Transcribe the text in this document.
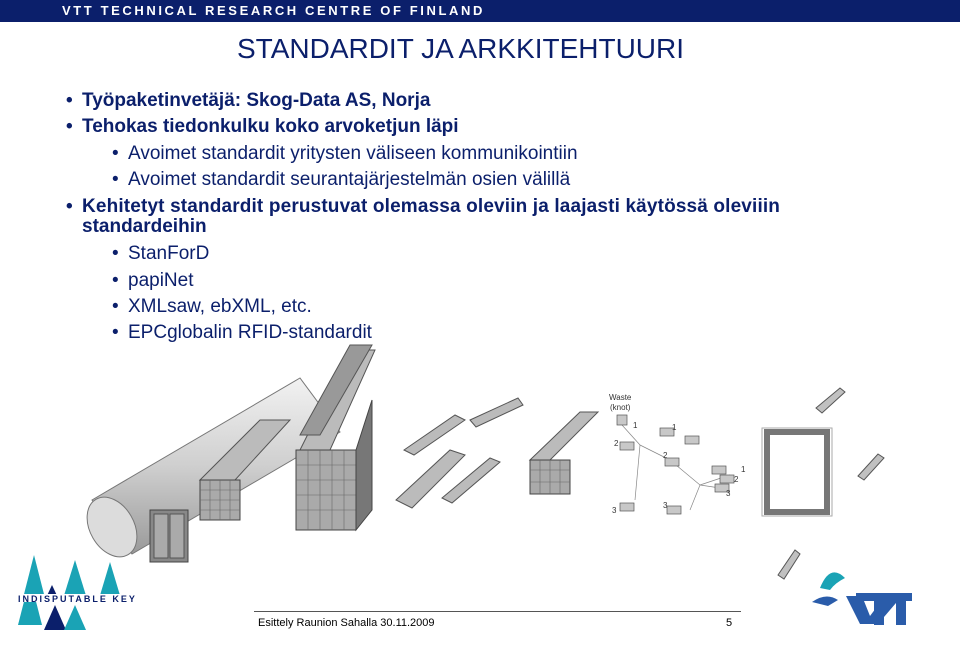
VTT TECHNICAL RESEARCH CENTRE OF FINLAND
STANDARDIT JA ARKKITEHTUURI
• Työpaketinvetäjä: Skog-Data AS, Norja
• Tehokas tiedonkulku koko arvoketjun läpi
• Avoimet standardit yritysten väliseen kommunikointiin
• Avoimet standardit seurantajärjestelmän osien välillä
• Kehitetyt standardit perustuvat olemassa oleviin ja laajasti käytössä oleviiin
standardeihin
• StanForD
• papiNet
• XMLsaw, ebXML, etc.
• EPCglobalin RFID-standardit
Waste
(knot)
1	1
2
2
1
2
3
3
3
INDISPUTABLE KEY
Esittely Raunion Sahalla 30.11.2009	5
